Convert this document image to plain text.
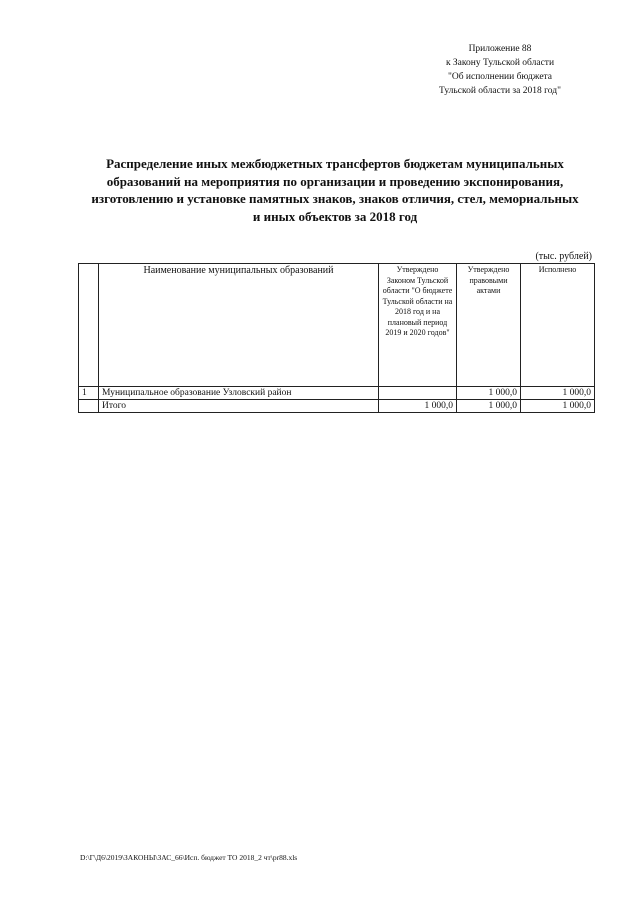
Приложение 88
к Закону Тульской области
"Об исполнении бюджета
Тульской области за 2018 год"
Распределение иных межбюджетных трансфертов бюджетам муниципальных образований на мероприятия по организации и проведению экспонирования, изготовлению и установке памятных знаков, знаков отличия, стел, мемориальных и иных объектов за 2018 год
(тыс. рублей)
	Наименование муниципальных образований	Утверждено Законом Тульской области "О бюджете Тульской области на 2018 год и на плановый период 2019 и 2020 годов"	Утверждено правовыми актами	Исполнено
1	Муниципальное образование Узловский район		1 000,0	1 000,0
	Итого	1 000,0	1 000,0	1 000,0
D:\Г\Д6\2019\ЗАКОНЫ\ЗАС_66\Исп. бюджет ТО 2018_2 чт\pr88.xls
